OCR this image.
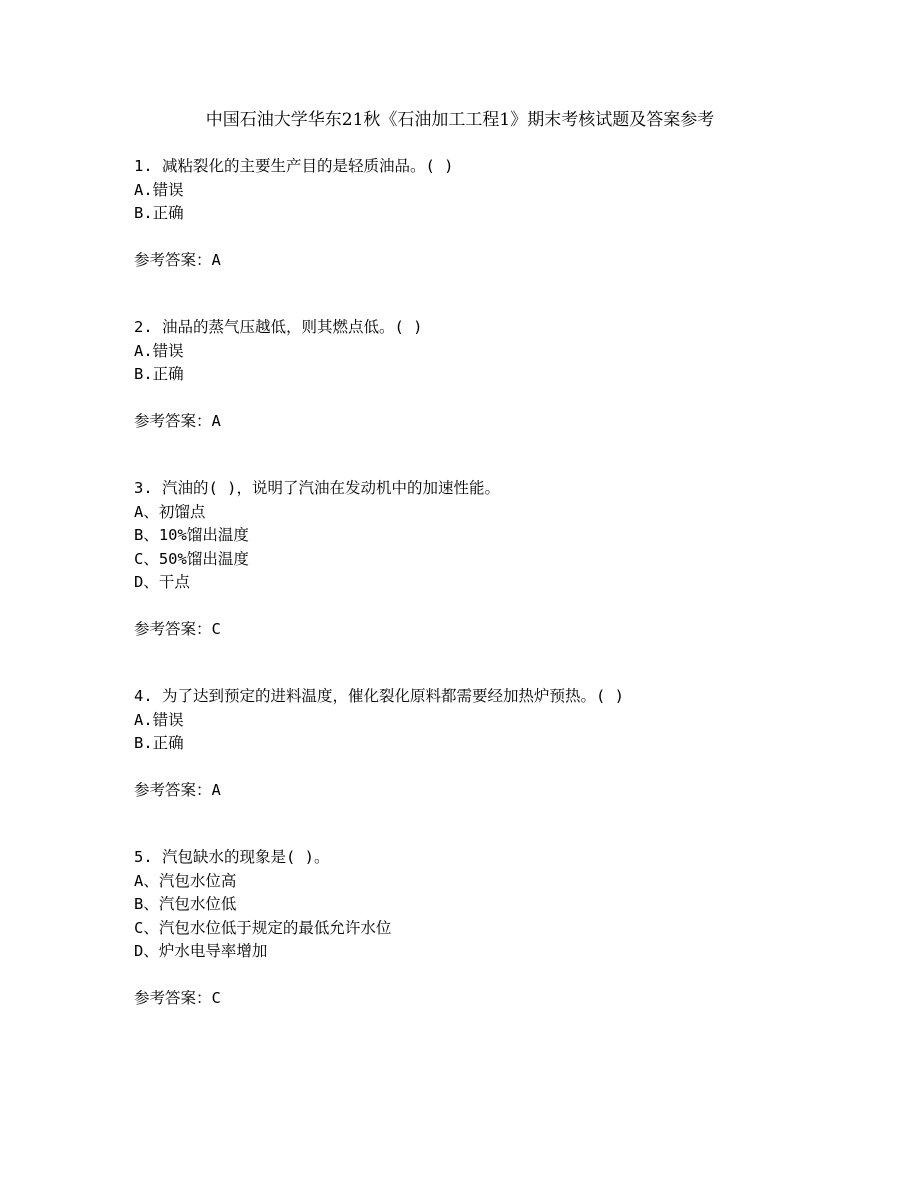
中国石油大学华东21秋《石油加工工程1》期末考核试题及答案参考
1. 减粘裂化的主要生产目的是轻质油品。( )
A.错误
B.正确
参考答案：A
2. 油品的蒸气压越低，则其燃点低。( )
A.错误
B.正确
参考答案：A
3. 汽油的( )，说明了汽油在发动机中的加速性能。
A、初馏点
B、10%馏出温度
C、50%馏出温度
D、干点
参考答案：C
4. 为了达到预定的进料温度，催化裂化原料都需要经加热炉预热。( )
A.错误
B.正确
参考答案：A
5. 汽包缺水的现象是( )。
A、汽包水位高
B、汽包水位低
C、汽包水位低于规定的最低允许水位
D、炉水电导率增加
参考答案：C
